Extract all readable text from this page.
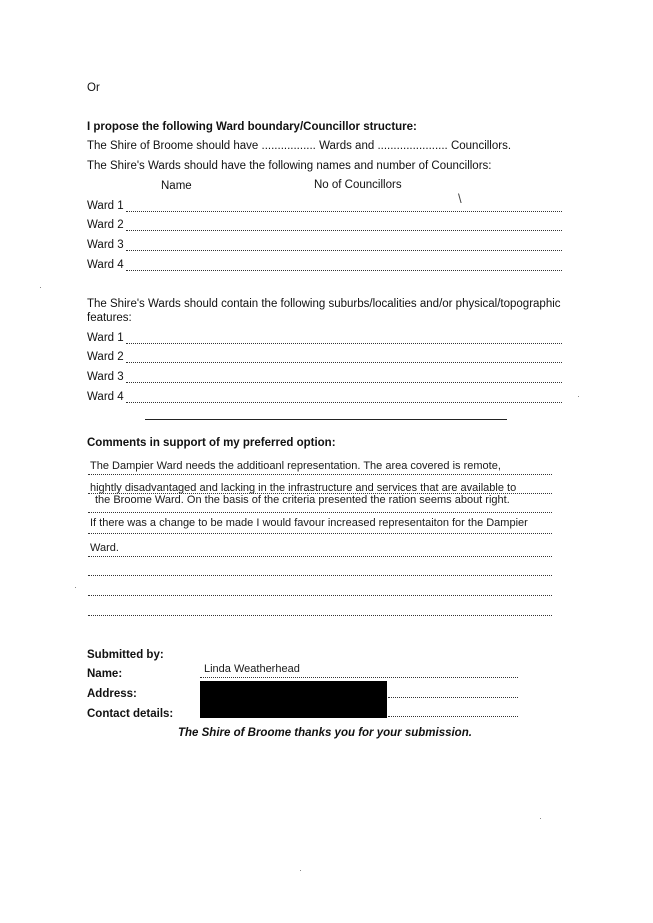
Or
I propose the following Ward boundary/Councillor structure:
The Shire of Broome should have ................. Wards and ...................... Councillors.
The Shire's Wards should have the following names and number of Councillors:
Name	No of Councillors
Ward 1	\
Ward 2
Ward 3
Ward 4
The Shire's Wards should contain the following suburbs/localities and/or physical/topographic
features:
Ward 1
Ward 2
Ward 3
Ward 4
Comments in support of my preferred option:
The Dampier Ward needs the additioanl representation. The area covered is remote,
hightly disadvantaged and lacking in the infrastructure and services that are available to
the Broome Ward. On the basis of the criteria presented the ration seems about right.
If there was a change to be made I would favour increased representaiton for the Dampier
Ward.
Submitted by:
Name:	Linda Weatherhead
Address:
Contact details:
The Shire of Broome thanks you for your submission.
